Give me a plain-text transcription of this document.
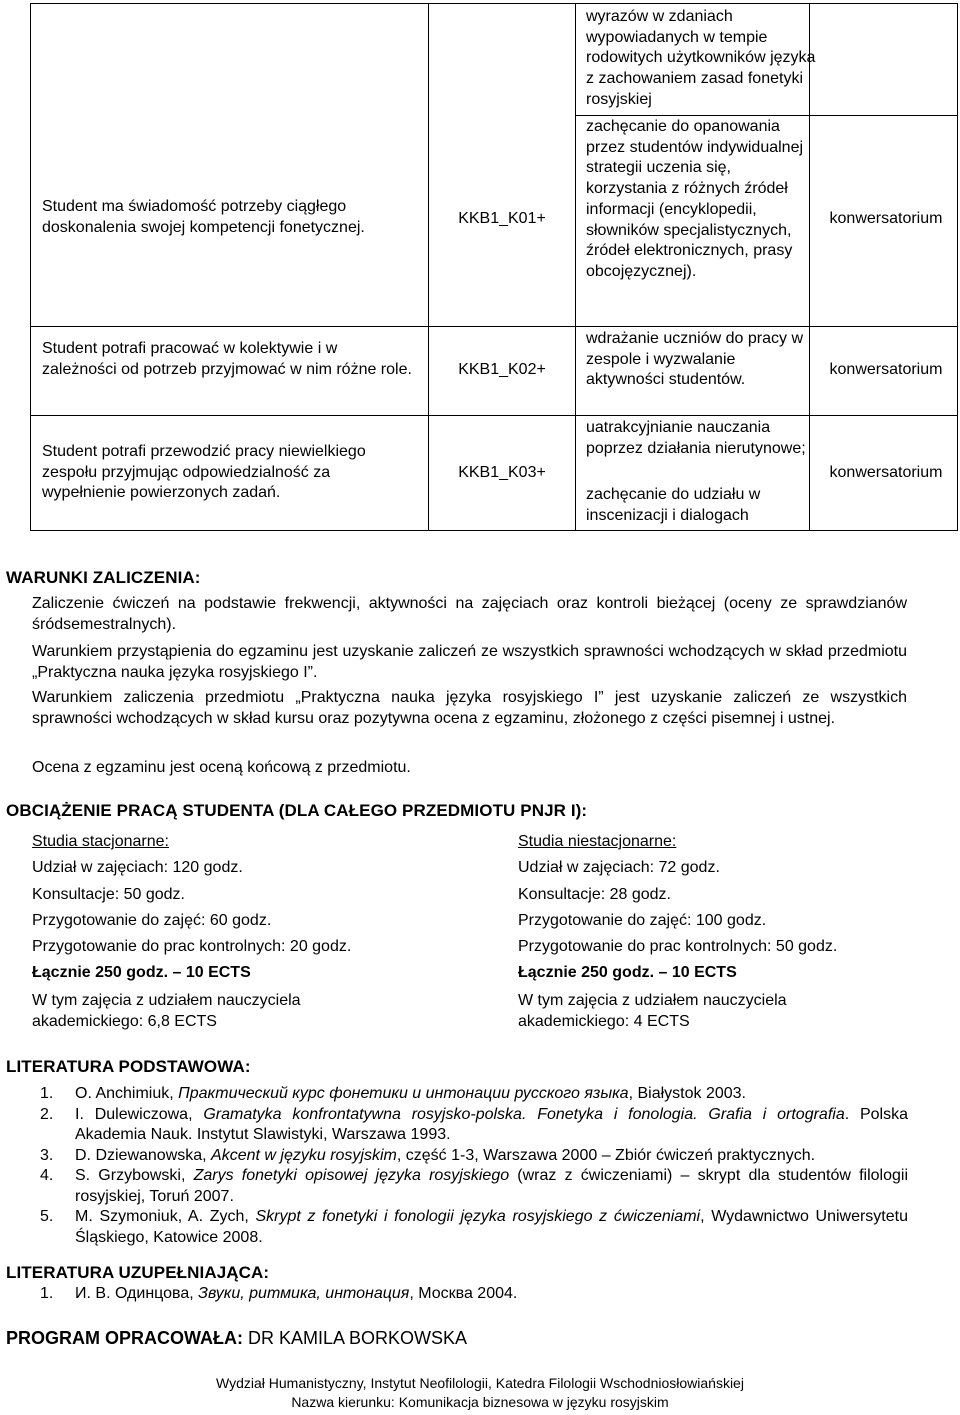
wyrazów w zdaniach wypowiadanych w tempie rodowitych użytkowników języka z zachowaniem zasad fonetyki rosyjskiej
Student ma świadomość potrzeby ciągłego doskonalenia swojej kompetencji fonetycznej.
KKB1_K01+
zachęcanie do opanowania przez studentów indywidualnej strategii uczenia się, korzystania z różnych źródeł informacji (encyklopedii, słowników specjalistycznych, źródeł elektronicznych, prasy obcojęzycznej).
konwersatorium
Student potrafi pracować w kolektywie i w zależności od potrzeb przyjmować w nim różne role.	KKB1_K02+
wdrażanie uczniów do pracy w zespole i wyzwalanie aktywności studentów.
konwersatorium
Student potrafi przewodzić pracy niewielkiego zespołu przyjmując odpowiedzialność za wypełnienie powierzonych zadań.
KKB1_K03+
uatrakcyjnianie nauczania poprzez działania nierutynowe;
zachęcanie do udziału w inscenizacji i dialogach
konwersatorium
WARUNKI ZALICZENIA:

Zaliczenie ćwiczeń na podstawie frekwencji, aktywności na zajęciach oraz kontroli bieżącej (oceny ze sprawdzianów śródsemestralnych).

Warunkiem przystąpienia do egzaminu jest uzyskanie zaliczeń ze wszystkich sprawności wchodzących w skład przedmiotu „Praktyczna nauka języka rosyjskiego I”.

Warunkiem zaliczenia przedmiotu „Praktyczna nauka języka rosyjskiego I” jest uzyskanie zaliczeń ze wszystkich sprawności wchodzących w skład kursu oraz pozytywna ocena z egzaminu, złożonego z części pisemnej i ustnej.

Ocena z egzaminu jest oceną końcową z przedmiotu.

OBCIĄŻENIE PRACĄ STUDENTA (DLA CAŁEGO PRZEDMIOTU PNJR I):
Studia stacjonarne:
Udział w zajęciach: 120 godz.
Konsultacje: 50 godz.
Przygotowanie do zajęć: 60 godz.
Przygotowanie do prac kontrolnych: 20 godz.
Łącznie 250 godz. – 10 ECTS
W tym zajęcia z udziałem nauczyciela akademickiego: 6,8 ECTS
Studia niestacjonarne:
Udział w zajęciach: 72 godz.
Konsultacje: 28 godz.
Przygotowanie do zajęć: 100 godz.
Przygotowanie do prac kontrolnych: 50 godz.
Łącznie 250 godz. – 10 ECTS
W tym zajęcia z udziałem nauczyciela akademickiego: 4 ECTS
LITERATURA PODSTAWOWA:
1. O. Anchimiuk, Практический курс фонетики и интонации русского языка, Białystok 2003.
2. I. Dulewiczowa, Gramatyka konfrontatywna rosyjsko-polska. Fonetyka i fonologia. Grafia i ortografia. Polska Akademia Nauk. Instytut Slawistyki, Warszawa 1993.
3. D. Dziewanowska, Akcent w języku rosyjskim, część 1-3, Warszawa 2000 – Zbiór ćwiczeń praktycznych.
4. S. Grzybowski, Zarys fonetyki opisowej języka rosyjskiego (wraz z ćwiczeniami) – skrypt dla studentów filologii rosyjskiej, Toruń 2007.
5. M. Szymoniuk, A. Zych, Skrypt z fonetyki i fonologii języka rosyjskiego z ćwiczeniami, Wydawnictwo Uniwersytetu Śląskiego, Katowice 2008.
LITERATURA UZUPEŁNIAJĄCA:
1. И. В. Одинцова, Звуки, ритмика, интонация, Москва 2004.
PROGRAM OPRACOWAŁA: DR KAMILA BORKOWSKA
Wydział Humanistyczny, Instytut Neofilologii, Katedra Filologii Wschodniosłowiańskiej
Nazwa kierunku: Komunikacja biznesowa w języku rosyjskim
